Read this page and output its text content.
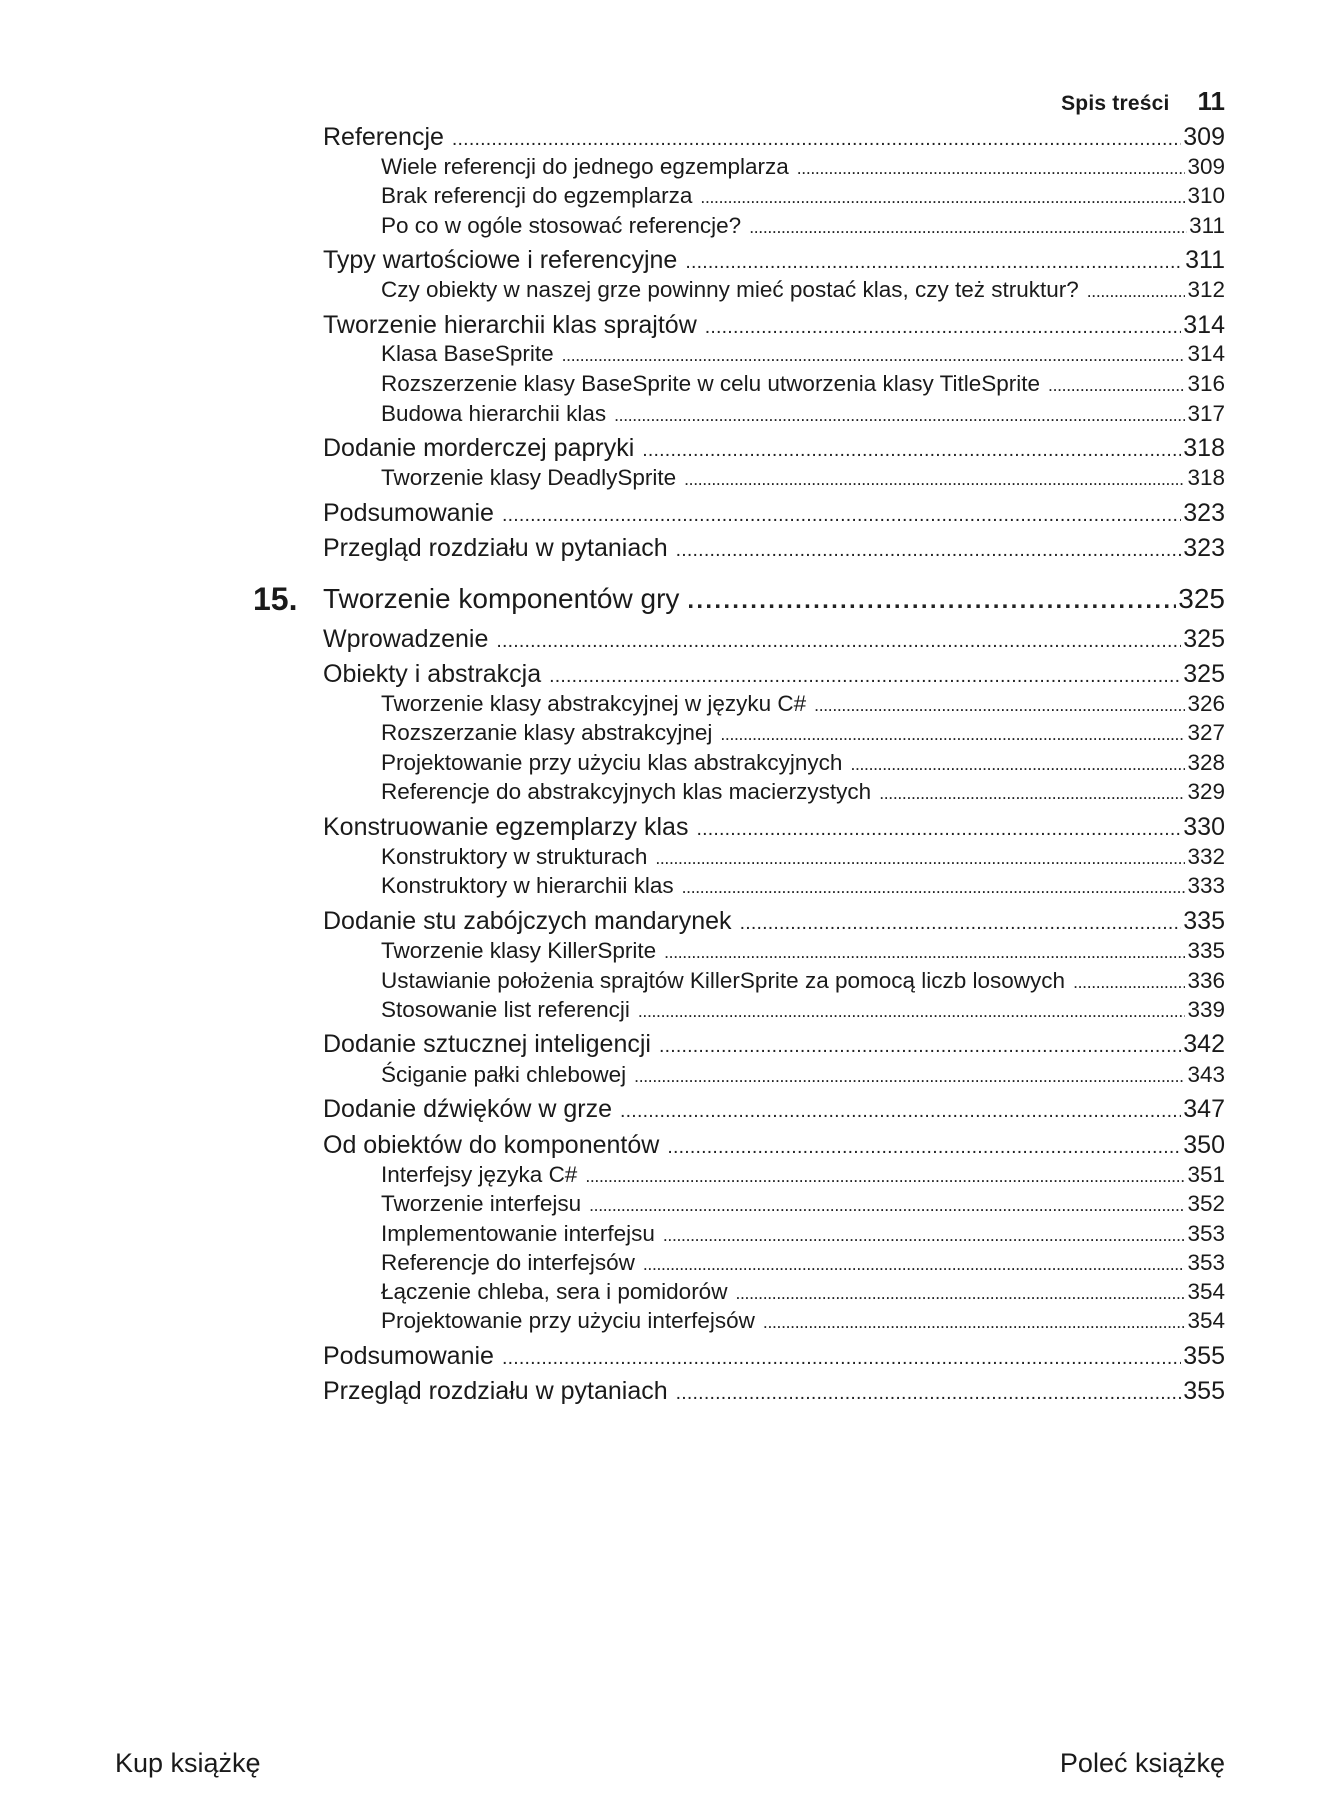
Spis treści 11
Referencje . . .	309
Wiele referencji do jednego egzemplarza . . .	309
Brak referencji do egzemplarza . . .	310
Po co w ogóle stosować referencje? . . .	311
Typy wartościowe i referencyjne . . .	311
Czy obiekty w naszej grze powinny mieć postać klas, czy też struktur? . . .	312
Tworzenie hierarchii klas sprajtów . . .	314
Klasa BaseSprite . . .	314
Rozszerzenie klasy BaseSprite w celu utworzenia klasy TitleSprite . . .	316
Budowa hierarchii klas . . .	317
Dodanie morderczej papryki . . .	318
Tworzenie klasy DeadlySprite . . .	318
Podsumowanie . . .	323
Przegląd rozdziału w pytaniach . . .	323
15. Tworzenie komponentów gry . . .	325
Wprowadzenie . . .	325
Obiekty i abstrakcja . . .	325
Tworzenie klasy abstrakcyjnej w języku C# . . .	326
Rozszerzanie klasy abstrakcyjnej . . .	327
Projektowanie przy użyciu klas abstrakcyjnych . . .	328
Referencje do abstrakcyjnych klas macierzystych . . .	329
Konstruowanie egzemplarzy klas . . .	330
Konstruktory w strukturach . . .	332
Konstruktory w hierarchii klas . . .	333
Dodanie stu zabójczych mandarynek . . .	335
Tworzenie klasy KillerSprite . . .	335
Ustawianie położenia sprajtów KillerSprite za pomocą liczb losowych . . .	336
Stosowanie list referencji . . .	339
Dodanie sztucznej inteligencji . . .	342
Ściganie pałki chlebowej . . .	343
Dodanie dźwięków w grze . . .	347
Od obiektów do komponentów . . .	350
Interfejsy języka C# . . .	351
Tworzenie interfejsu . . .	352
Implementowanie interfejsu . . .	353
Referencje do interfejsów . . .	353
Łączenie chleba, sera i pomidorów . . .	354
Projektowanie przy użyciu interfejsów . . .	354
Podsumowanie . . .	355
Przegląd rozdziału w pytaniach . . .	355
Kup książkę	Poleć książkę
